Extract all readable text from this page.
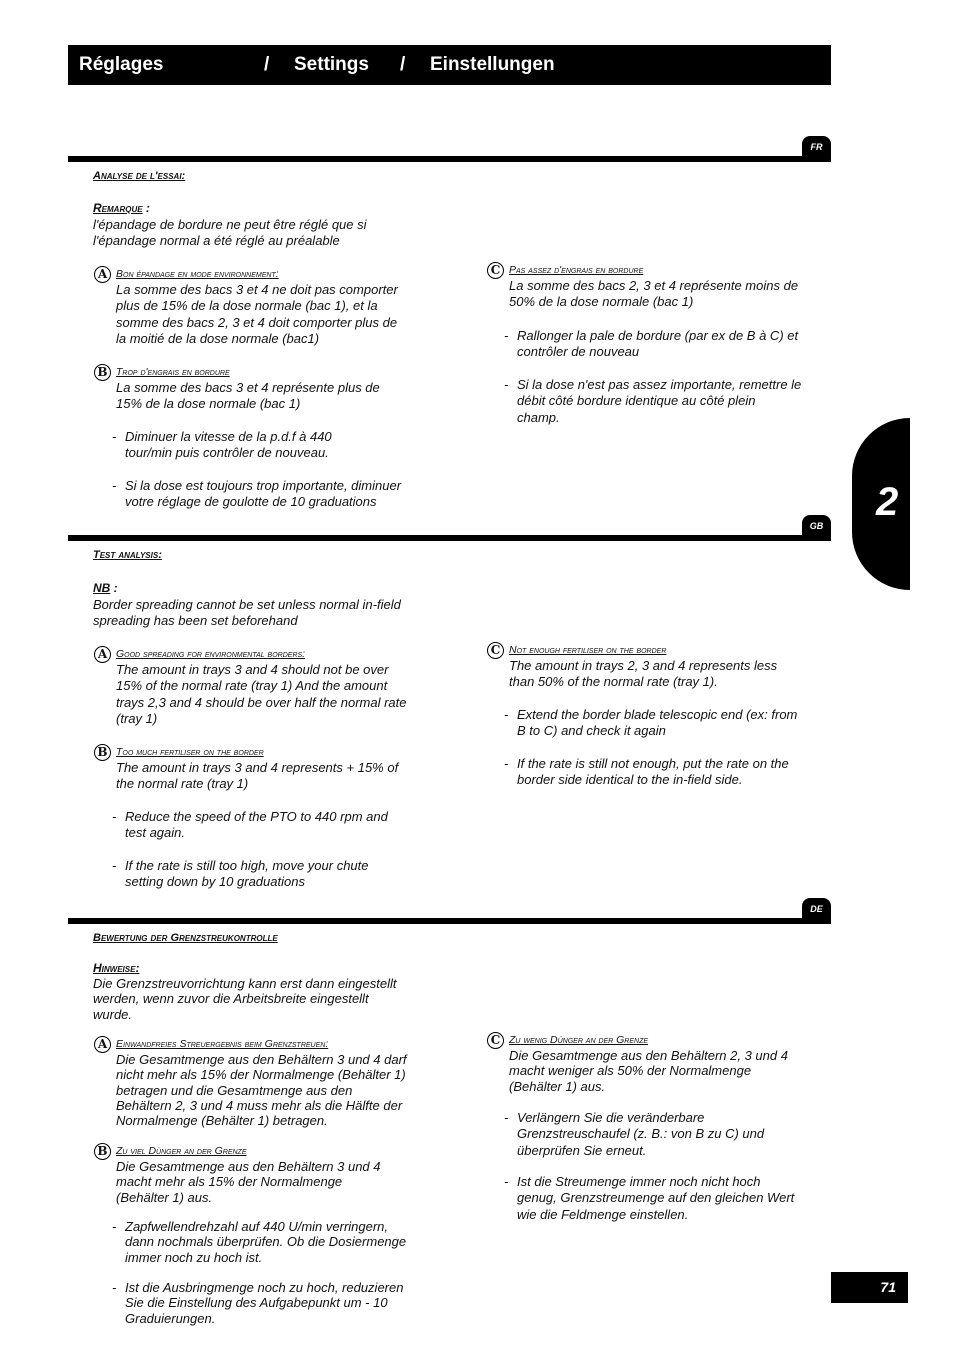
Réglages	/ Settings / Einstellungen
2
FR
Analyse de l'essai:
Remarque :
l'épandage de bordure ne peut être réglé que si
l'épandage normal a été réglé au préalable
A Bon épandage en mode environnement:
La somme des bacs 3 et 4 ne doit pas comporter
plus de 15% de la dose normale (bac 1), et la
somme des bacs 2, 3 et 4 doit comporter plus de
la moitié de la dose normale (bac1)
B Trop d'engrais en bordure
La somme des bacs 3 et 4 représente plus de
15% de la dose normale (bac 1)
- Diminuer la vitesse de la p.d.f à 440
tour/min puis contrôler de nouveau.
- Si la dose est toujours trop importante, diminuer
votre réglage de goulotte de 10 graduations
C Pas assez d'engrais en bordure
La somme des bacs 2, 3 et 4 représente moins de
50% de la dose normale (bac 1)
- Rallonger la pale de bordure (par ex de B à C) et
contrôler de nouveau
- Si la dose n'est pas assez importante, remettre le
débit côté bordure identique au côté plein
champ.
GB
Test analysis:
NB :
Border spreading cannot be set unless normal in-field
spreading has been set beforehand
A Good spreading for environmental borders:
The amount in trays 3 and 4 should not be over
15% of the normal rate (tray 1) And the amount
trays 2,3 and 4 should be over half the normal rate
(tray 1)
B Too much fertiliser on the border
The amount in trays 3 and 4 represents + 15% of
the normal rate (tray 1)
- Reduce the speed of the PTO to 440 rpm and
test again.
- If the rate is still too high, move your chute
setting down by 10 graduations
C Not enough fertiliser on the border
The amount in trays 2, 3 and 4 represents less
than 50% of the normal rate (tray 1).
- Extend the border blade telescopic end (ex: from
B to C) and check it again
- If the rate is still not enough, put the rate on the
border side identical to the in-field side.
DE
Bewertung der Grenzstreukontrolle
Hinweise:
Die Grenzstreuvorrichtung kann erst dann eingestellt
werden, wenn zuvor die Arbeitsbreite eingestellt
wurde.
A Einwandfreies Streuergebnis beim Grenzstreuen:
Die Gesamtmenge aus den Behältern 3 und 4 darf
nicht mehr als 15% der Normalmenge (Behälter 1)
betragen und die Gesamtmenge aus den
Behältern 2, 3 und 4 muss mehr als die Hälfte der
Normalmenge (Behälter 1) betragen.
B Zu viel Dünger an der Grenze
Die Gesamtmenge aus den Behältern 3 und 4
macht mehr als 15% der Normalmenge
(Behälter 1) aus.
- Zapfwellendrehzahl auf 440 U/min verringern,
dann nochmals überprüfen. Ob die Dosiermenge
immer noch zu hoch ist.
- Ist die Ausbringmenge noch zu hoch, reduzieren
Sie die Einstellung des Aufgabepunkt um - 10
Graduierungen.
C Zu wenig Dünger an der Grenze
Die Gesamtmenge aus den Behältern 2, 3 und 4
macht weniger als 50% der Normalmenge
(Behälter 1) aus.
- Verlängern Sie die veränderbare
Grenzstreuschaufel (z. B.: von B zu C) und
überprüfen Sie erneut.
- Ist die Streumenge immer noch nicht hoch
genug, Grenzstreumenge auf den gleichen Wert
wie die Feldmenge einstellen.
71
